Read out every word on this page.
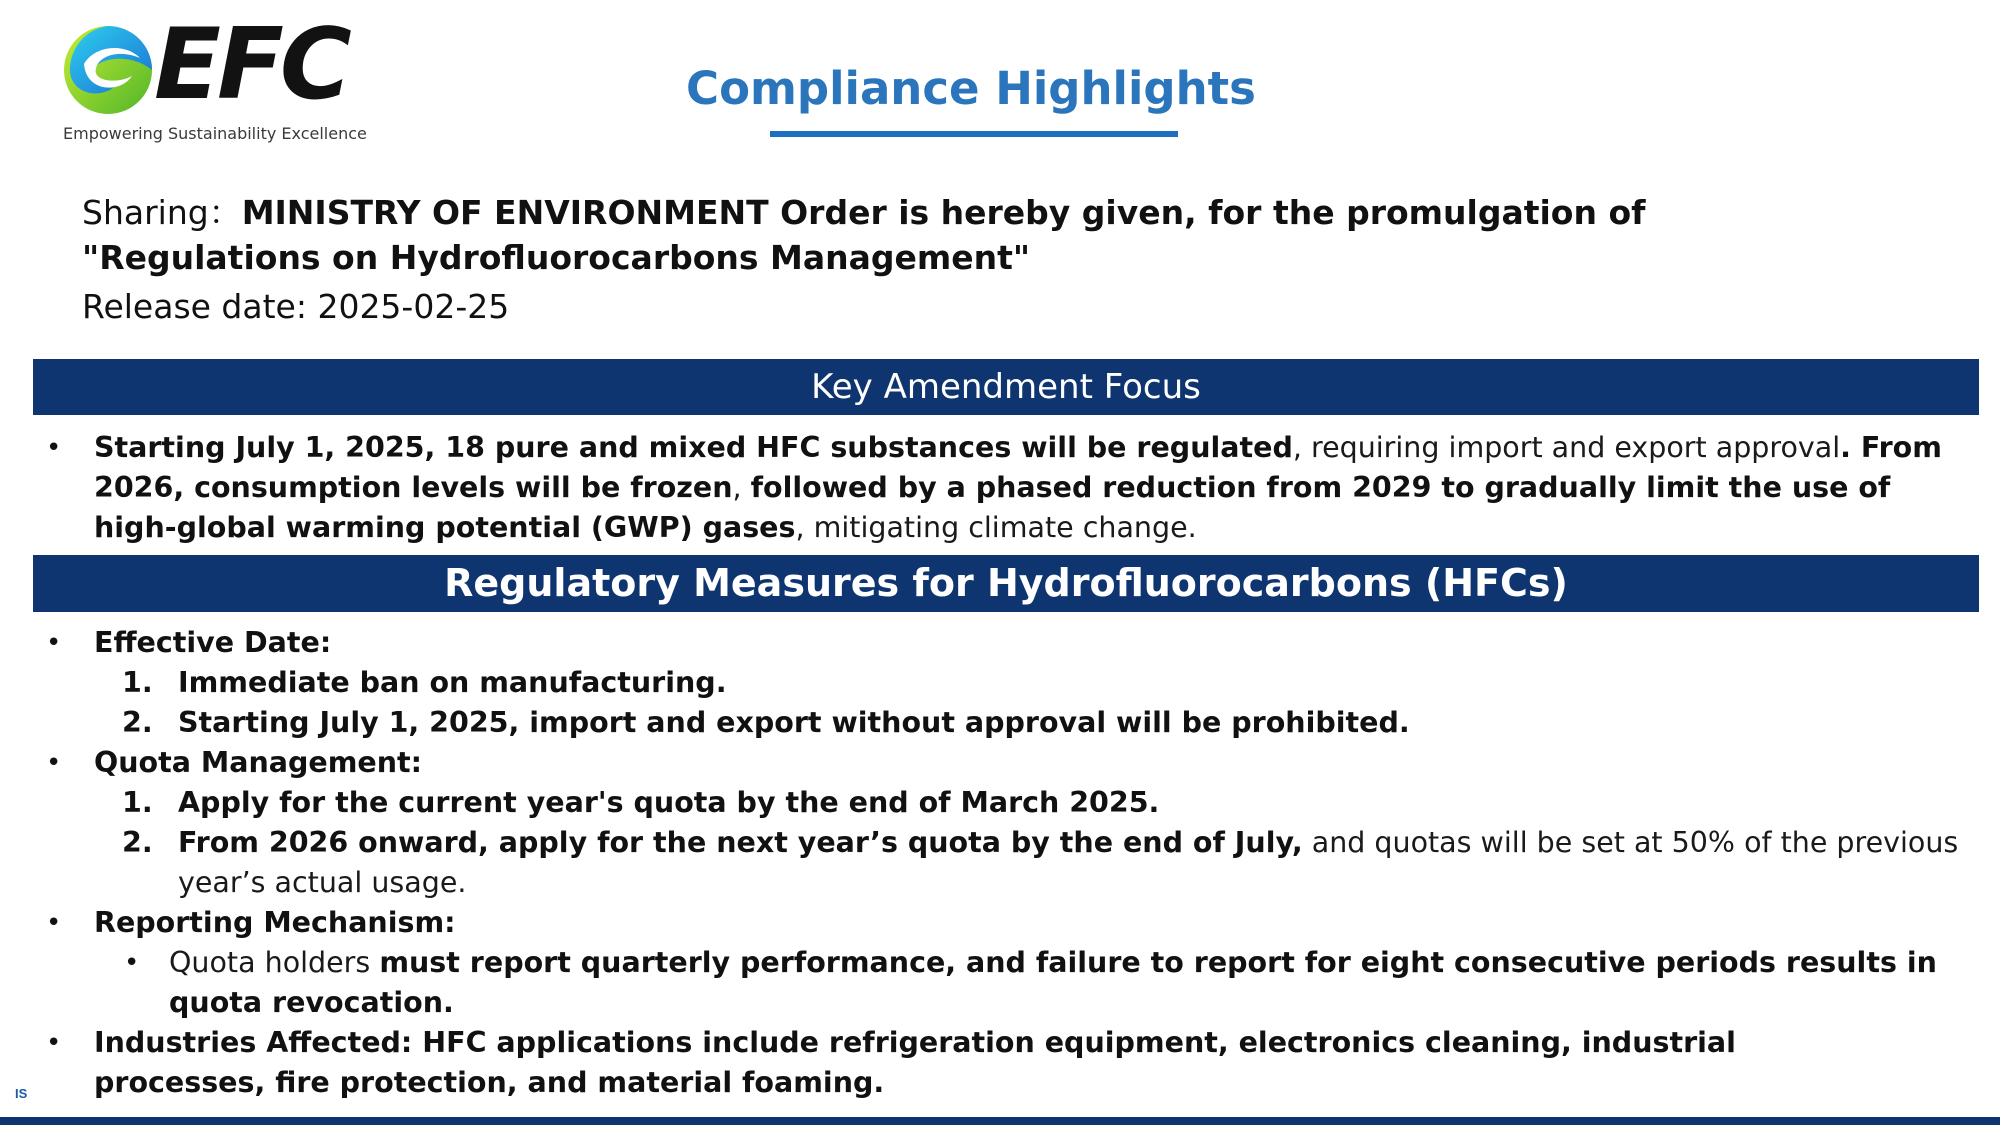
EFC
Empowering Sustainability Excellence
Compliance Highlights
Sharing：MINISTRY OF ENVIRONMENT Order is hereby given, for the promulgation of "Regulations on Hydrofluorocarbons Management"
Release date: 2025-02-25
Key Amendment Focus
• Starting July 1, 2025, 18 pure and mixed HFC substances will be regulated, requiring import and export approval. From 2026, consumption levels will be frozen, followed by a phased reduction from 2029 to gradually limit the use of high-global warming potential (GWP) gases, mitigating climate change.
Regulatory Measures for Hydrofluorocarbons (HFCs)
• Effective Date:
1. Immediate ban on manufacturing.
2. Starting July 1, 2025, import and export without approval will be prohibited.
• Quota Management:
1. Apply for the current year's quota by the end of March 2025.
2. From 2026 onward, apply for the next year’s quota by the end of July, and quotas will be set at 50% of the previous year’s actual usage.
• Reporting Mechanism:
• Quota holders must report quarterly performance, and failure to report for eight consecutive periods results in quota revocation.
• Industries Affected: HFC applications include refrigeration equipment, electronics cleaning, industrial processes, fire protection, and material foaming.
IS
